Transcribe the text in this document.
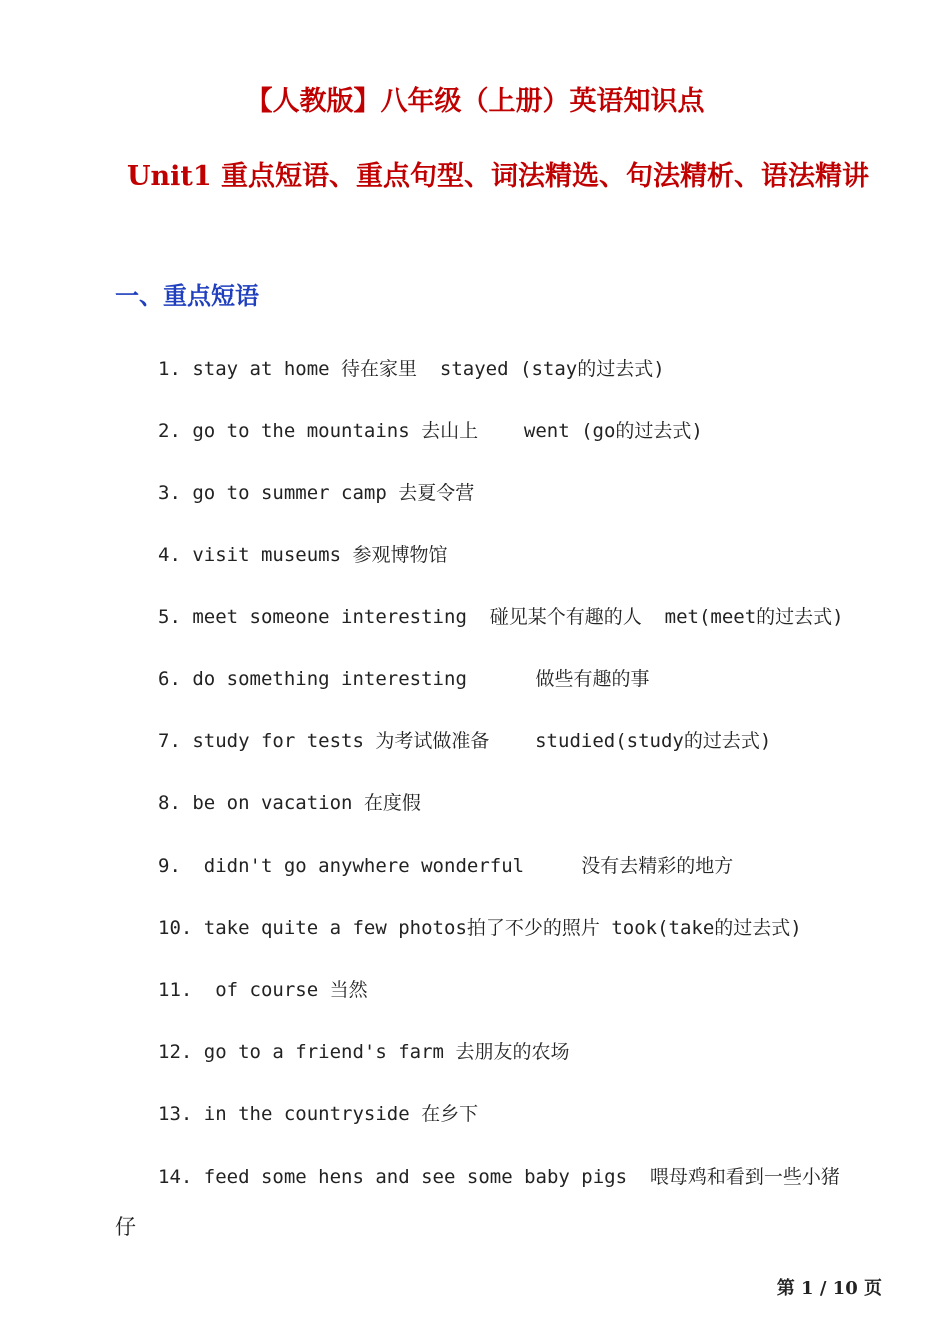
【人教版】八年级（上册）英语知识点
Unit1 重点短语、重点句型、词法精选、句法精析、语法精讲
一、重点短语
1. stay at home 待在家里  stayed (stay的过去式)
2. go to the mountains 去山上    went (go的过去式)
3. go to summer camp 去夏令营
4. visit museums 参观博物馆
5. meet someone interesting  碰见某个有趣的人  met(meet的过去式)
6. do something interesting      做些有趣的事
7. study for tests 为考试做准备    studied(study的过去式)
8. be on vacation 在度假
9.  didn't go anywhere wonderful     没有去精彩的地方
10. take quite a few photos拍了不少的照片 took(take的过去式)
11.  of course 当然
12. go to a friend's farm 去朋友的农场
13. in the countryside 在乡下
14. feed some hens and see some baby pigs  喂母鸡和看到一些小猪
仔
第 1 / 10 页
